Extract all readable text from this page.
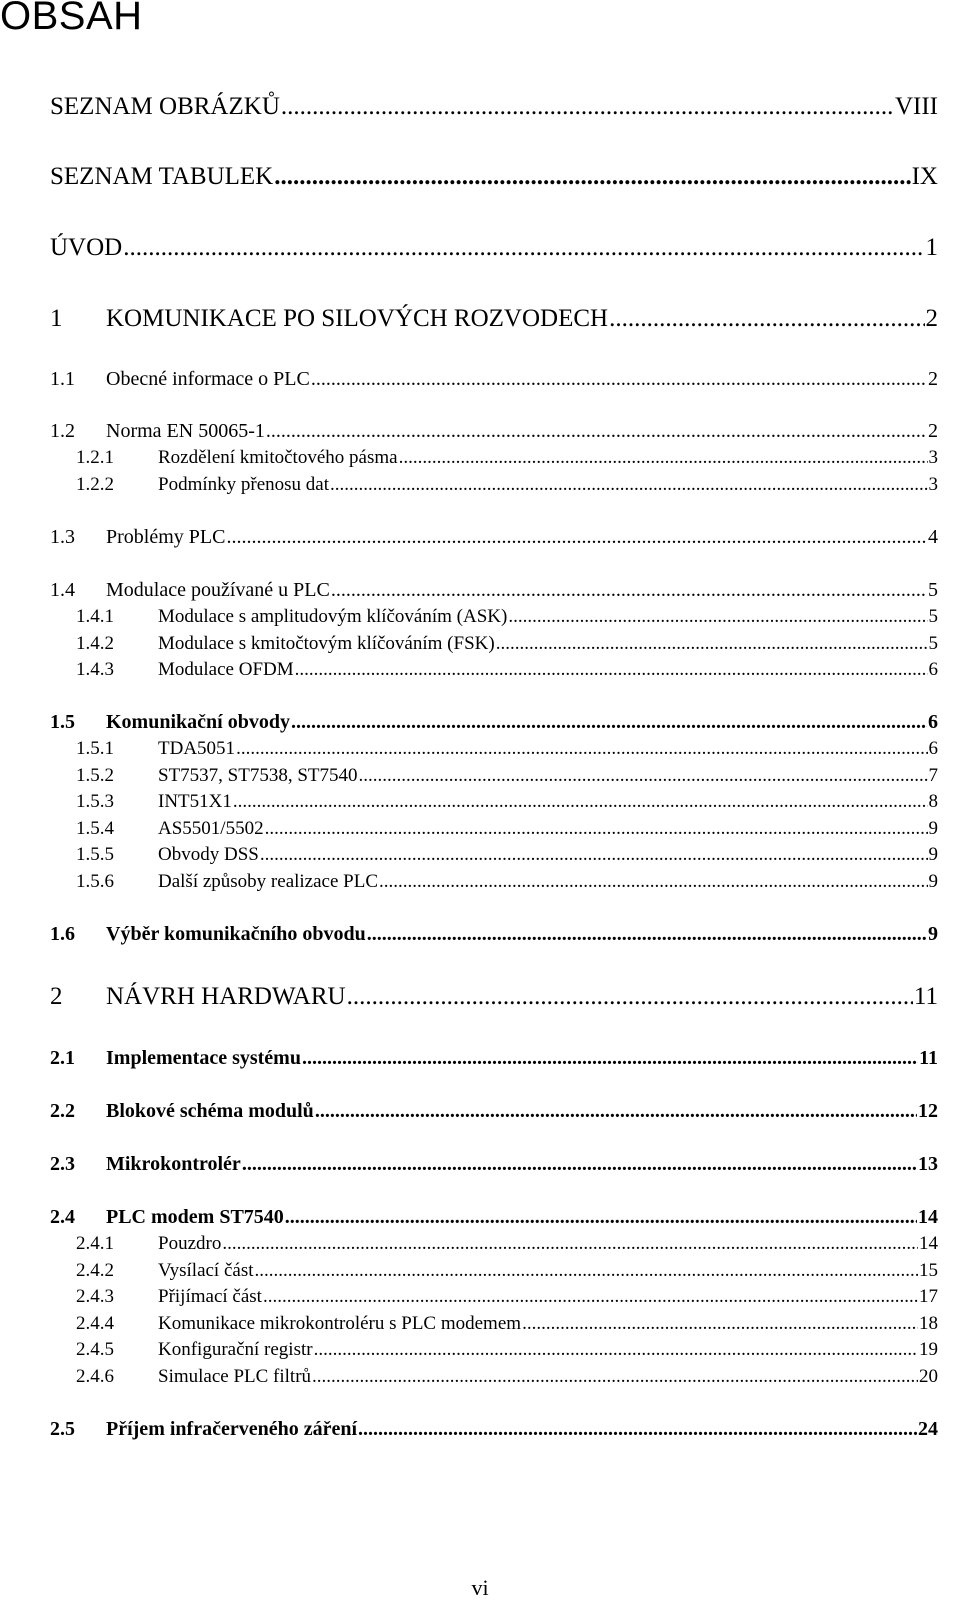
OBSAH
SEZNAM OBRÁZKŮ .....	VIII
SEZNAM TABULEK .....	IX
ÚVOD .....	1
1	KOMUNIKACE PO SILOVÝCH ROZVODECH .....	2
1.1	Obecné informace o PLC .....	2
1.2	Norma EN 50065-1 .....	2
1.2.1	Rozdělení kmitočtového pásma .....	3
1.2.2	Podmínky přenosu dat .....	3
1.3	Problémy PLC .....	4
1.4	Modulace používané u PLC .....	5
1.4.1	Modulace s amplitudovým klíčováním (ASK) .....	5
1.4.2	Modulace s kmitočtovým klíčováním (FSK) .....	5
1.4.3	Modulace OFDM .....	6
1.5	Komunikační obvody .....	6
1.5.1	TDA5051 .....	6
1.5.2	ST7537, ST7538, ST7540 .....	7
1.5.3	INT51X1 .....	8
1.5.4	AS5501/5502 .....	9
1.5.5	Obvody DSS .....	9
1.5.6	Další způsoby realizace PLC .....	9
1.6	Výběr komunikačního obvodu .....	9
2	NÁVRH HARDWARU .....	11
2.1	Implementace systému .....	11
2.2	Blokové schéma modulů .....	12
2.3	Mikrokontrolér .....	13
2.4	PLC modem ST7540 .....	14
2.4.1	Pouzdro .....	14
2.4.2	Vysílací část .....	15
2.4.3	Přijímací část .....	17
2.4.4	Komunikace mikrokontroléru s PLC modemem .....	18
2.4.5	Konfigurační registr .....	19
2.4.6	Simulace PLC filtrů .....	20
2.5	Příjem infračerveného záření .....	24
vi
